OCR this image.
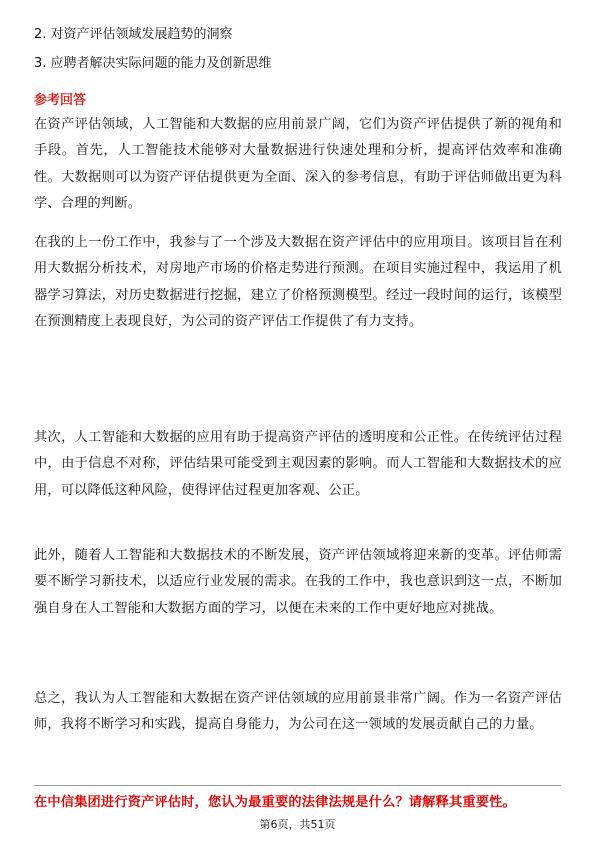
2. 对资产评估领域发展趋势的洞察
3. 应聘者解决实际问题的能力及创新思维
参考回答
在资产评估领域，人工智能和大数据的应用前景广阔，它们为资产评估提供了新的视角和手段。首先，人工智能技术能够对大量数据进行快速处理和分析，提高评估效率和准确性。大数据则可以为资产评估提供更为全面、深入的参考信息，有助于评估师做出更为科学、合理的判断。
在我的上一份工作中，我参与了一个涉及大数据在资产评估中的应用项目。该项目旨在利用大数据分析技术，对房地产市场的价格走势进行预测。在项目实施过程中，我运用了机器学习算法，对历史数据进行挖掘，建立了价格预测模型。经过一段时间的运行，该模型在预测精度上表现良好，为公司的资产评估工作提供了有力支持。
其次，人工智能和大数据的应用有助于提高资产评估的透明度和公正性。在传统评估过程中，由于信息不对称，评估结果可能受到主观因素的影响。而人工智能和大数据技术的应用，可以降低这种风险，使得评估过程更加客观、公正。
此外，随着人工智能和大数据技术的不断发展，资产评估领域将迎来新的变革。评估师需要不断学习新技术，以适应行业发展的需求。在我的工作中，我也意识到这一点，不断加强自身在人工智能和大数据方面的学习，以便在未来的工作中更好地应对挑战。
总之，我认为人工智能和大数据在资产评估领域的应用前景非常广阔。作为一名资产评估师，我将不断学习和实践，提高自身能力，为公司在这一领域的发展贡献自己的力量。
在中信集团进行资产评估时，您认为最重要的法律法规是什么？请解释其重要性。
第6页，共51页
